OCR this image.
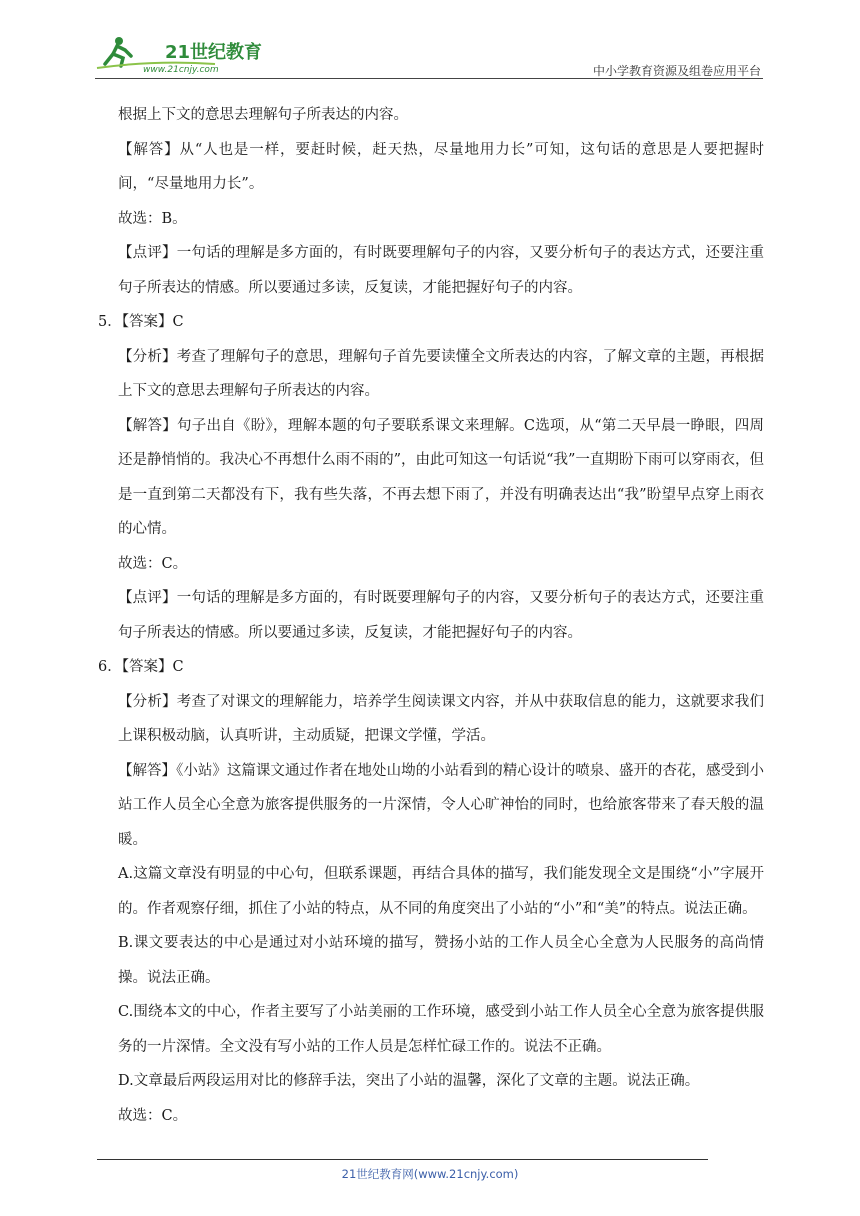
21世纪教育
www.21cnjy.com	中小学教育资源及组卷应用平台

根据上下文的意思去理解句子所表达的内容。

【解答】从“人也是一样，要赶时候，赶天热，尽量地用力长”可知，这句话的意思是人要把握时间，“尽量地用力长”。

故选：B。

【点评】一句话的理解是多方面的，有时既要理解句子的内容，又要分析句子的表达方式，还要注重句子所表达的情感。所以要通过多读，反复读，才能把握好句子的内容。

5．【答案】C

【分析】考查了理解句子的意思，理解句子首先要读懂全文所表达的内容，了解文章的主题，再根据上下文的意思去理解句子所表达的内容。

【解答】句子出自《盼》，理解本题的句子要联系课文来理解。C选项，从“第二天早晨一睁眼，四周还是静悄悄的。我决心不再想什么雨不雨的”，由此可知这一句话说“我”一直期盼下雨可以穿雨衣，但是一直到第二天都没有下，我有些失落，不再去想下雨了，并没有明确表达出“我”盼望早点穿上雨衣的心情。

故选：C。

【点评】一句话的理解是多方面的，有时既要理解句子的内容，又要分析句子的表达方式，还要注重句子所表达的情感。所以要通过多读，反复读，才能把握好句子的内容。

6．【答案】C

【分析】考查了对课文的理解能力，培养学生阅读课文内容，并从中获取信息的能力，这就要求我们上课积极动脑，认真听讲，主动质疑，把课文学懂，学活。

【解答】《小站》这篇课文通过作者在地处山坳的小站看到的精心设计的喷泉、盛开的杏花，感受到小站工作人员全心全意为旅客提供服务的一片深情，令人心旷神怡的同时，也给旅客带来了春天般的温暖。

A.这篇文章没有明显的中心句，但联系课题，再结合具体的描写，我们能发现全文是围绕“小”字展开的。作者观察仔细，抓住了小站的特点，从不同的角度突出了小站的“小”和“美”的特点。说法正确。

B.课文要表达的中心是通过对小站环境的描写，赞扬小站的工作人员全心全意为人民服务的高尚情操。说法正确。

C.围绕本文的中心，作者主要写了小站美丽的工作环境，感受到小站工作人员全心全意为旅客提供服务的一片深情。全文没有写小站的工作人员是怎样忙碌工作的。说法不正确。

D.文章最后两段运用对比的修辞手法，突出了小站的温馨，深化了文章的主题。说法正确。

故选：C。

21世纪教育网(www.21cnjy.com)
